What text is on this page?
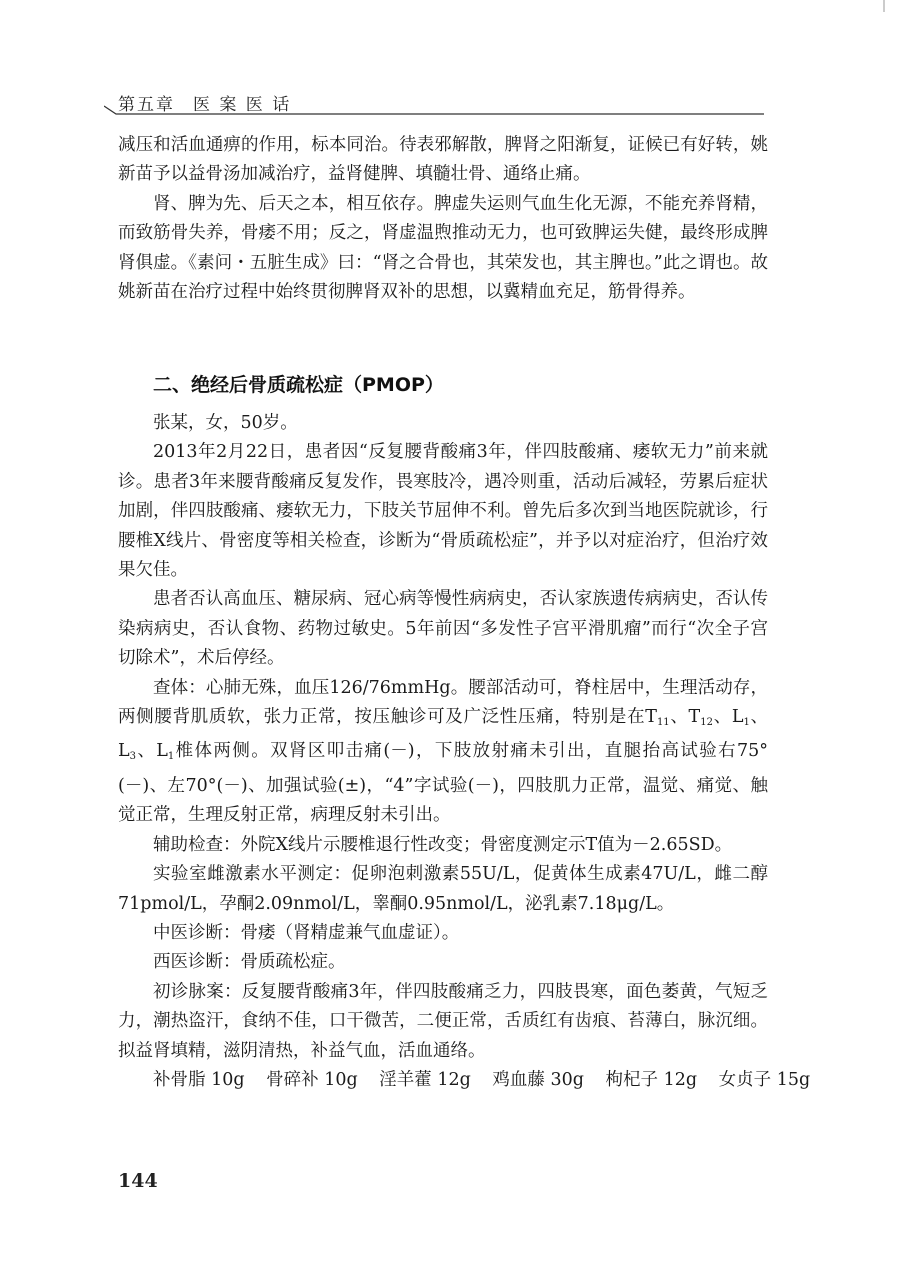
第五章 医 案 医 话

减压和活血通痹的作用，标本同治。待表邪解散，脾肾之阳渐复，证候已有好转，姚新苗予以益骨汤加减治疗，益肾健脾、填髓壮骨、通络止痛。

肾、脾为先、后天之本，相互依存。脾虚失运则气血生化无源，不能充养肾精，而致筋骨失养，骨痿不用；反之，肾虚温煦推动无力，也可致脾运失健，最终形成脾肾俱虚。《素问・五脏生成》曰：“肾之合骨也，其荣发也，其主脾也。”此之谓也。故姚新苗在治疗过程中始终贯彻脾肾双补的思想，以冀精血充足，筋骨得养。

二、绝经后骨质疏松症（PMOP）

张某，女，50岁。

2013年2月22日，患者因“反复腰背酸痛3年，伴四肢酸痛、痿软无力”前来就诊。患者3年来腰背酸痛反复发作，畏寒肢冷，遇冷则重，活动后减轻，劳累后症状加剧，伴四肢酸痛、痿软无力，下肢关节屈伸不利。曾先后多次到当地医院就诊，行腰椎X线片、骨密度等相关检查，诊断为“骨质疏松症”，并予以对症治疗，但治疗效果欠佳。

患者否认高血压、糖尿病、冠心病等慢性病病史，否认家族遗传病病史，否认传染病病史，否认食物、药物过敏史。5年前因“多发性子宫平滑肌瘤”而行“次全子宫切除术”，术后停经。

查体：心肺无殊，血压126/76mmHg。腰部活动可，脊柱居中，生理活动存，两侧腰背肌质软，张力正常，按压触诊可及广泛性压痛，特别是在$T_{11}$、$T_{12}$、$L_1$、$L_3$、$L_1$椎体两侧。双肾区叩击痛(－)，下肢放射痛未引出，直腿抬高试验右75°(－)、左70°(－)、加强试验(±)，“4”字试验(－)，四肢肌力正常，温觉、痛觉、触觉正常，生理反射正常，病理反射未引出。

辅助检查：外院X线片示腰椎退行性改变；骨密度测定示T值为－2.65SD。

实验室雌激素水平测定：促卵泡刺激素55U/L，促黄体生成素47U/L，雌二醇71pmol/L，孕酮2.09nmol/L，睾酮0.95nmol/L，泌乳素7.18μg/L。

中医诊断：骨痿（肾精虚兼气血虚证）。

西医诊断：骨质疏松症。

初诊脉案：反复腰背酸痛3年，伴四肢酸痛乏力，四肢畏寒，面色萎黄，气短乏力，潮热盗汗，食纳不佳，口干微苦，二便正常，舌质红有齿痕、苔薄白，脉沉细。拟益肾填精，滋阴清热，补益气血，活血通络。

补骨脂 10g 骨碎补 10g 淫羊藿 12g 鸡血藤 30g 枸杞子 12g 女贞子 15g

144
